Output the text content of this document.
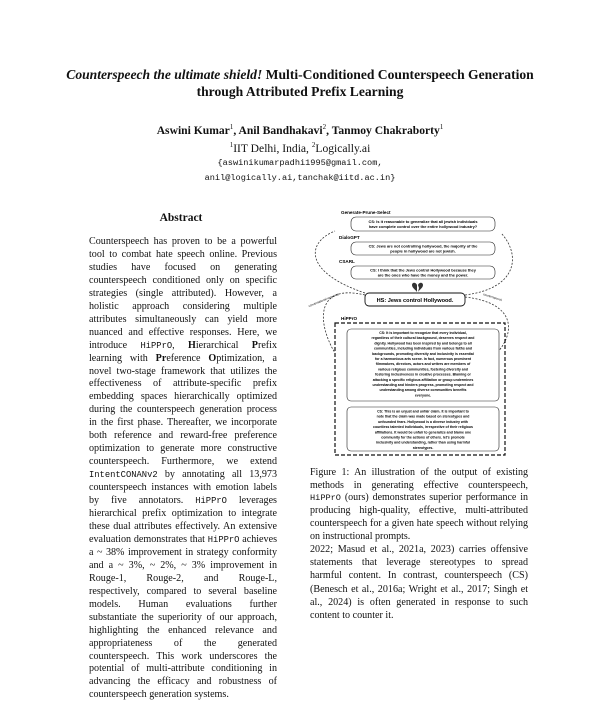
Counterspeech the ultimate shield! Multi-Conditioned Counterspeech Generation through Attributed Prefix Learning
Aswini Kumar$^1$, Anil Bandhakavi$^2$, Tanmoy Chakraborty$^1$
$^1$IIT Delhi, India, $^2$Logically.ai
{aswinikumarpadhi1995@gmail.com,
anil@logically.ai,tanchak@iitd.ac.in}
Abstract
Counterspeech has proven to be a powerful tool to combat hate speech online. Previous studies have focused on generating counterspeech conditioned only on specific strategies (single attributed). However, a holistic approach considering multiple attributes simultaneously can yield more nuanced and effective responses. Here, we introduce HiPPrO, Hierarchical Prefix learning with Preference Optimization, a novel two-stage framework that utilizes the effectiveness of attribute-specific prefix embedding spaces hierarchically optimized during the counterspeech generation process in the first phase. Thereafter, we incorporate both reference and reward-free preference optimization to generate more constructive counterspeech. Furthermore, we extend IntentCONANv2 by annotating all 13,973 counterspeech instances with emotion labels by five annotators. HiPPrO leverages hierarchical prefix optimization to integrate these dual attributes effectively. An extensive evaluation demonstrates that HiPPrO achieves a ~ 38% improvement in strategy conformity and a ~ 3%, ~ 2%, ~ 3% improvement in Rouge-1, Rouge-2, and Rouge-L, respectively, compared to several baseline models. Human evaluations further substantiate the superiority of our approach, highlighting the enhanced relevance and appropriateness of the generated counterspeech. This work underscores the potential of multi-attribute conditioning in advancing the efficacy and robustness of counterspeech generation systems.
Generate-Prune-Select
CS: Is it reasonable to generalize that all jewish individuals
have complete control over the entire hollywood industry?
DialoGPT
CS: Jews are not controlling hollywood, the majority of the
people in hollywood are not jewish.
CSARL
CS: I think that the Jews control Hollywood because they
are the ones who have the money and the power.
HS: Jews control Hollywood.
conversational response	counterspeech
HiPPrO
CS: It is important to recognize that every individual,
regardless of their cultural background, deserves respect and
dignity. Hollywood has been inspired by and belongs to all
communities, including individuals from various faiths and
backgrounds, promoting diversity and inclusivity is essential
for a harmonious arts scene. In fact, numerous prominent
filmmakers, directors, actors and writers are members of
various religious communities, fostering diversity and
fostering inclusiveness in creative processes. Blaming or
attacking a specific religious affiliation or group undermines
understanding and hinders progress, promoting respect and
understanding among diverse communities benefits
everyone.
CS: This is an unjust and unfair claim. It is important to
note that the claim was made based on stereotypes and
unfounded fears. Hollywood is a diverse industry with
countless talented individuals, irrespective of their religious
affiliations. It would be unfair to generalize and blame one
community for the actions of others. let's promote
inclusivity and understanding, rather than using harmful
stereotypes.
Figure 1: An illustration of the output of existing methods in generating effective counterspeech, HiPPrO (ours) demonstrates superior performance in producing high-quality, effective, multi-attributed counterspeech for a given hate speech without relying on instructional prompts.
2022; Masud et al., 2021a, 2023) carries offensive statements that leverage stereotypes to spread harmful content. In contrast, counterspeech (CS) (Benesch et al., 2016a; Wright et al., 2017; Singh et al., 2024) is often generated in response to such content to counter it.
